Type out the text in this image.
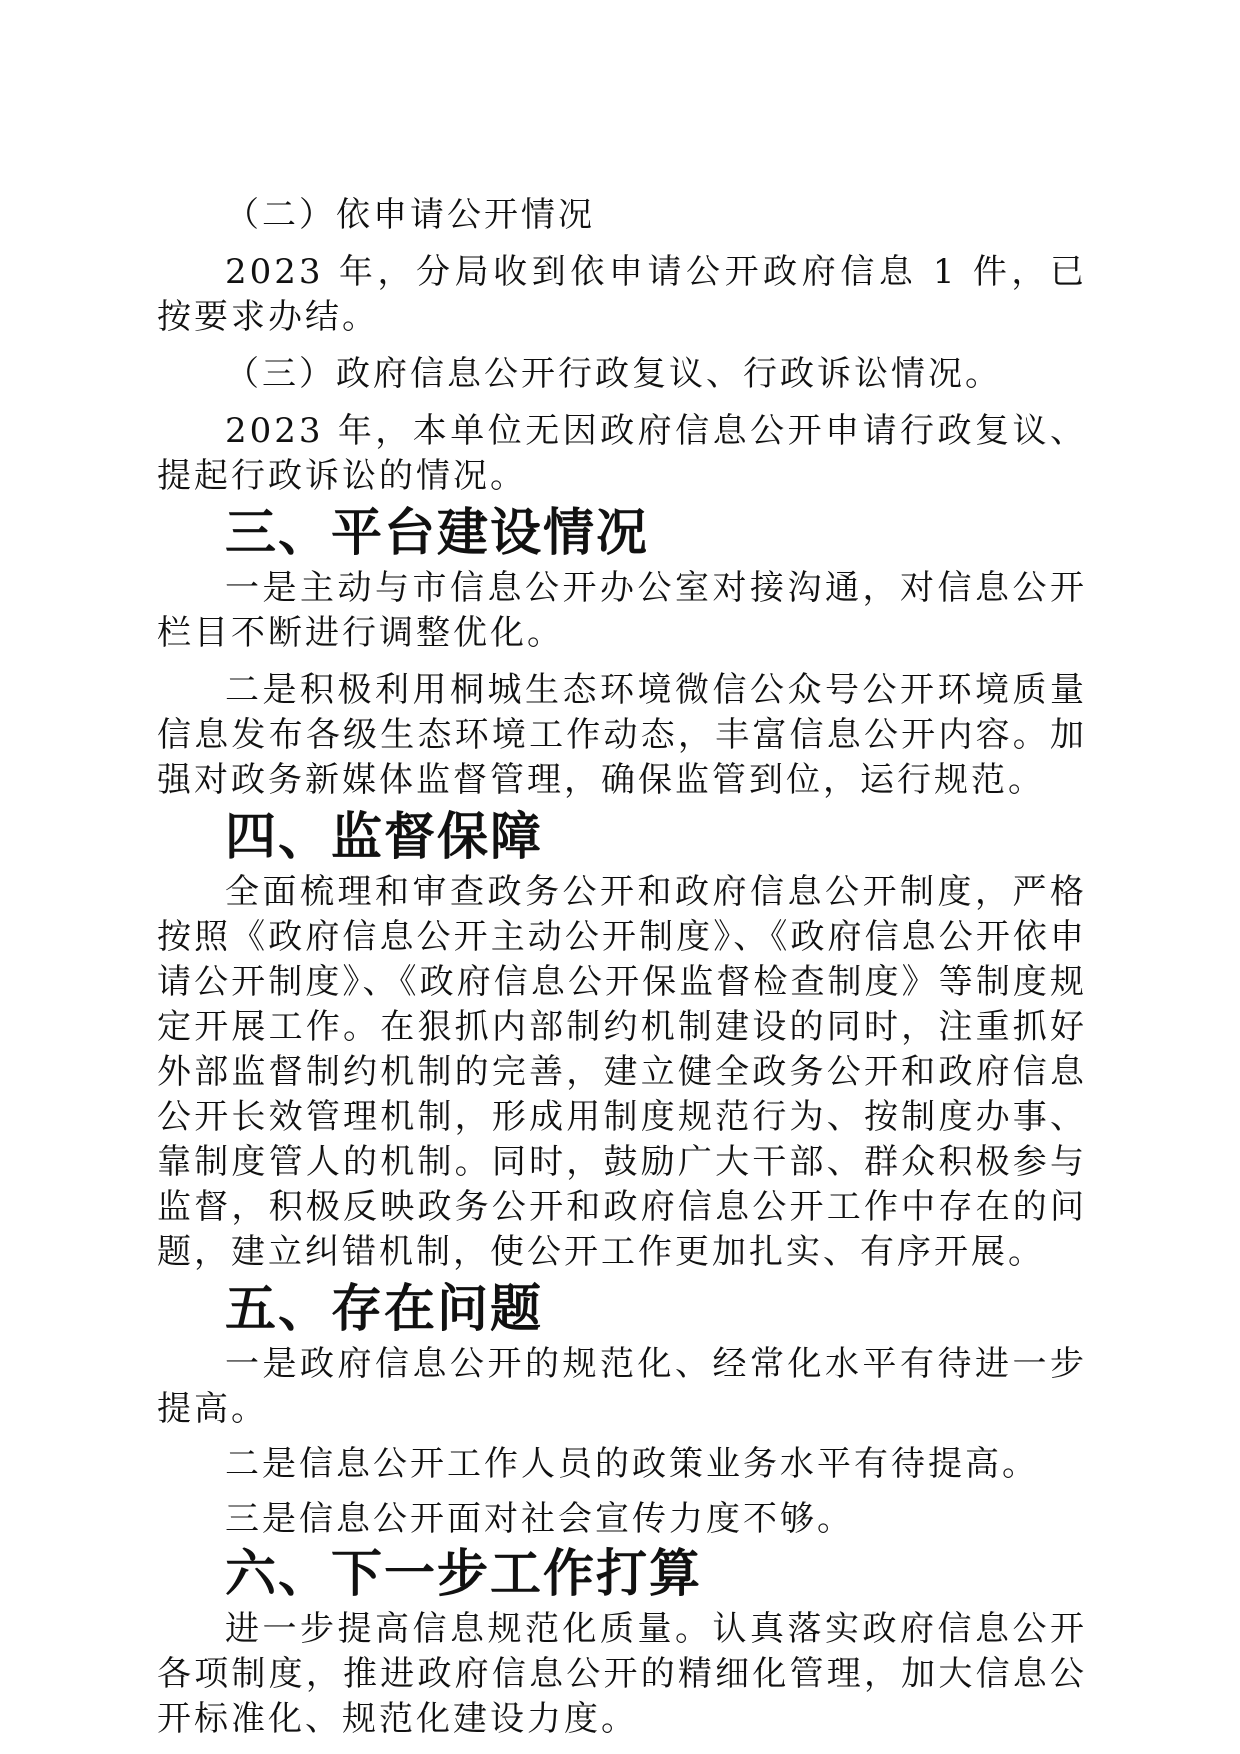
（二）依申请公开情况

2023 年，分局收到依申请公开政府信息 1 件，已按要求办结。

（三）政府信息公开行政复议、行政诉讼情况。

2023 年，本单位无因政府信息公开申请行政复议、提起行政诉讼的情况。

三、平台建设情况

一是主动与市信息公开办公室对接沟通，对信息公开栏目不断进行调整优化。

二是积极利用桐城生态环境微信公众号公开环境质量信息发布各级生态环境工作动态，丰富信息公开内容。加强对政务新媒体监督管理，确保监管到位，运行规范。

四、监督保障

全面梳理和审查政务公开和政府信息公开制度，严格按照《政府信息公开主动公开制度》、《政府信息公开依申请公开制度》、《政府信息公开保监督检查制度》等制度规定开展工作。在狠抓内部制约机制建设的同时，注重抓好外部监督制约机制的完善，建立健全政务公开和政府信息公开长效管理机制，形成用制度规范行为、按制度办事、靠制度管人的机制。同时，鼓励广大干部、群众积极参与监督，积极反映政务公开和政府信息公开工作中存在的问题，建立纠错机制，使公开工作更加扎实、有序开展。

五、存在问题

一是政府信息公开的规范化、经常化水平有待进一步提高。

二是信息公开工作人员的政策业务水平有待提高。

三是信息公开面对社会宣传力度不够。

六、下一步工作打算

进一步提高信息规范化质量。认真落实政府信息公开各项制度，推进政府信息公开的精细化管理，加大信息公开标准化、规范化建设力度。
